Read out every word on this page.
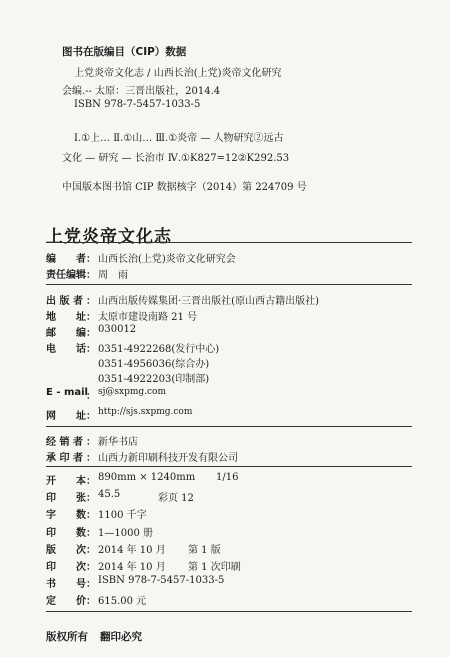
图书在版编目（CIP）数据
上党炎帝文化志 / 山西长治(上党)炎帝文化研究
会编.-- 太原：三晋出版社，2014.4
ISBN 978-7-5457-1033-5
Ⅰ.①上… Ⅱ.①山… Ⅲ.①炎帝 — 人物研究②远古
文化 — 研究 — 长治市 Ⅳ.①K827=12②K292.53
中国版本图书馆 CIP 数据核字（2014）第 224709 号
上党炎帝文化志
编　　者 ： 山西长治(上党)炎帝文化研究会
责任编辑 ： 周　雨
出 版 者 ： 山西出版传媒集团·三晋出版社(原山西古籍出版社)
地　　址 ： 太原市建设南路 21 号
邮　　编 ： 030012
电　　话 ： 0351-4922268(发行中心)
0351-4956036(综合办)
0351-4922203(印制部)
E - mail
： sj@sxpmg.com
网　　址 ： http://sjs.sxpmg.com
经 销 者 ： 新华书店
承 印 者 ： 山西力新印刷科技开发有限公司
开　　本 ： 890mm × 1240mm 1/16
印　　张 ： 45.5	彩页 12
字　　数 ： 1100 千字
印　　数 ： 1—1000 册
版　　次 ： 2014 年 10 月 第 1 版
印　　次 ： 2014 年 10 月 第 1 次印刷
书　　号 ： ISBN 978-7-5457-1033-5
定　　价 ： 615.00 元
版权所有 翻印必究
